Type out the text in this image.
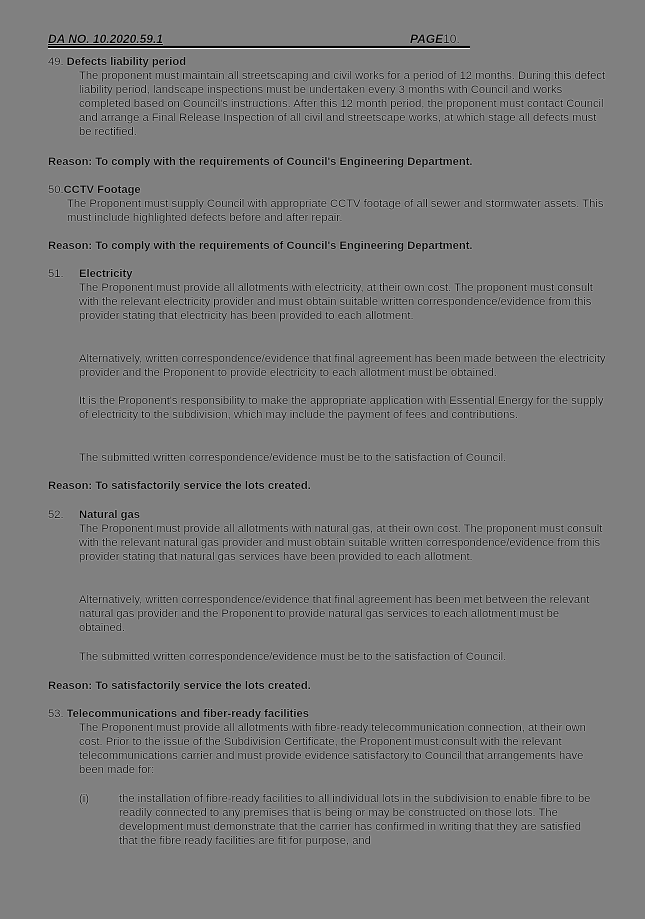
DA NO. 10.2020.59.1	PAGE10.
49. Defects liability period
The proponent must maintain all streetscaping and civil works for a period of 12 months. During this defect liability period, landscape inspections must be undertaken every 3 months with Council and works completed based on Council's instructions. After this 12 month period, the proponent must contact Council and arrange a Final Release Inspection of all civil and streetscape works, at which stage all defects must be rectified.
Reason: To comply with the requirements of Council's Engineering Department.
50.CCTV Footage
The Proponent must supply Council with appropriate CCTV footage of all sewer and stormwater assets. This must include highlighted defects before and after repair.
Reason: To comply with the requirements of Council's Engineering Department.
51. Electricity
The Proponent must provide all allotments with electricity, at their own cost. The proponent must consult with the relevant electricity provider and must obtain suitable written correspondence/evidence from this provider stating that electricity has been provided to each allotment.
Alternatively, written correspondence/evidence that final agreement has been made between the electricity provider and the Proponent to provide electricity to each allotment must be obtained.
It is the Proponent's responsibility to make the appropriate application with Essential Energy for the supply of electricity to the subdivision, which may include the payment of fees and contributions.
The submitted written correspondence/evidence must be to the satisfaction of Council.
Reason: To satisfactorily service the lots created.
52. Natural gas
The Proponent must provide all allotments with natural gas, at their own cost. The proponent must consult with the relevant natural gas provider and must obtain suitable written correspondence/evidence from this provider stating that natural gas services have been provided to each allotment.
Alternatively, written correspondence/evidence that final agreement has been met between the relevant natural gas provider and the Proponent to provide natural gas services to each allotment must be obtained.
The submitted written correspondence/evidence must be to the satisfaction of Council.
Reason: To satisfactorily service the lots created.
53. Telecommunications and fiber-ready facilities
The Proponent must provide all allotments with fibre-ready telecommunication connection, at their own cost. Prior to the issue of the Subdivision Certificate, the Proponent must consult with the relevant telecommunications carrier and must provide evidence satisfactory to Council that arrangements have been made for:
(i)	the installation of fibre-ready facilities to all individual lots in the subdivision to enable fibre to be readily connected to any premises that is being or may be constructed on those lots. The development must demonstrate that the carrier has confirmed in writing that they are satisfied that the fibre ready facilities are fit for purpose, and
